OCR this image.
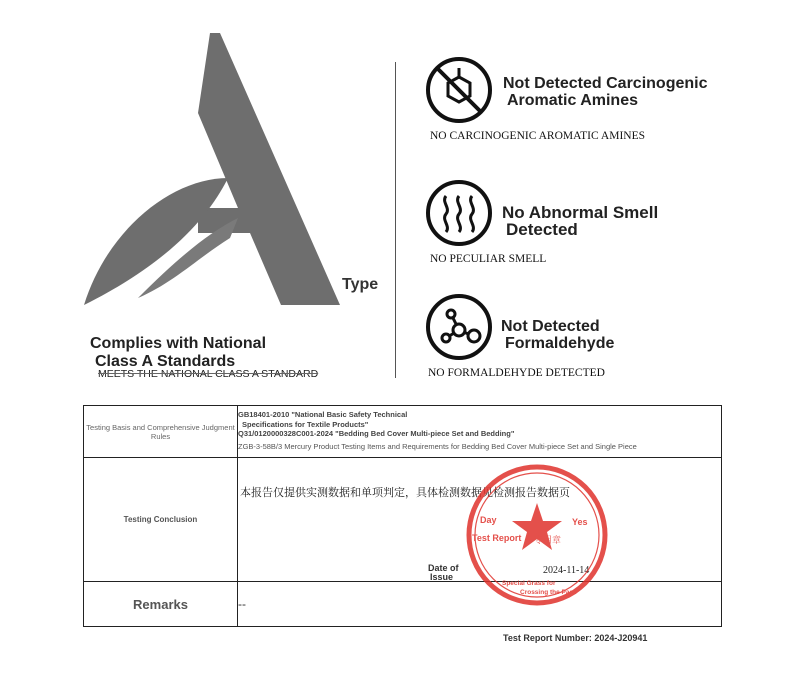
Type
Complies with National
Class A Standards
MEETS THE NATIONAL CLASS A STANDARD
Not Detected Carcinogenic
Aromatic Amines
NO CARCINOGENIC AROMATIC AMINES
No Abnormal Smell
Detected
NO PECULIAR SMELL
Not Detected
Formaldehyde
NO FORMALDEHYDE DETECTED
Testing Basis and Comprehensive Judgment Rules	GB18401-2010 "National Basic Safety Technical
Specifications for Textile Products"
Q31/0120000328C001-2024 "Bedding Bed Cover Multi-piece Set and Bedding"
ZGB-3-58B/3 Mercury Product Testing Items and Requirements for Bedding Bed Cover Multi-piece Set and Single Piece

Testing Conclusion	本报告仅提供实测数据和单项判定，具体检测数据见检测报告数据页
Date of
Issue
2024-11-14

Remarks	--
Day	Yes
Test Report 专用章
Special Grass for
Crossing the Pass
Test Report Number: 2024-J20941
